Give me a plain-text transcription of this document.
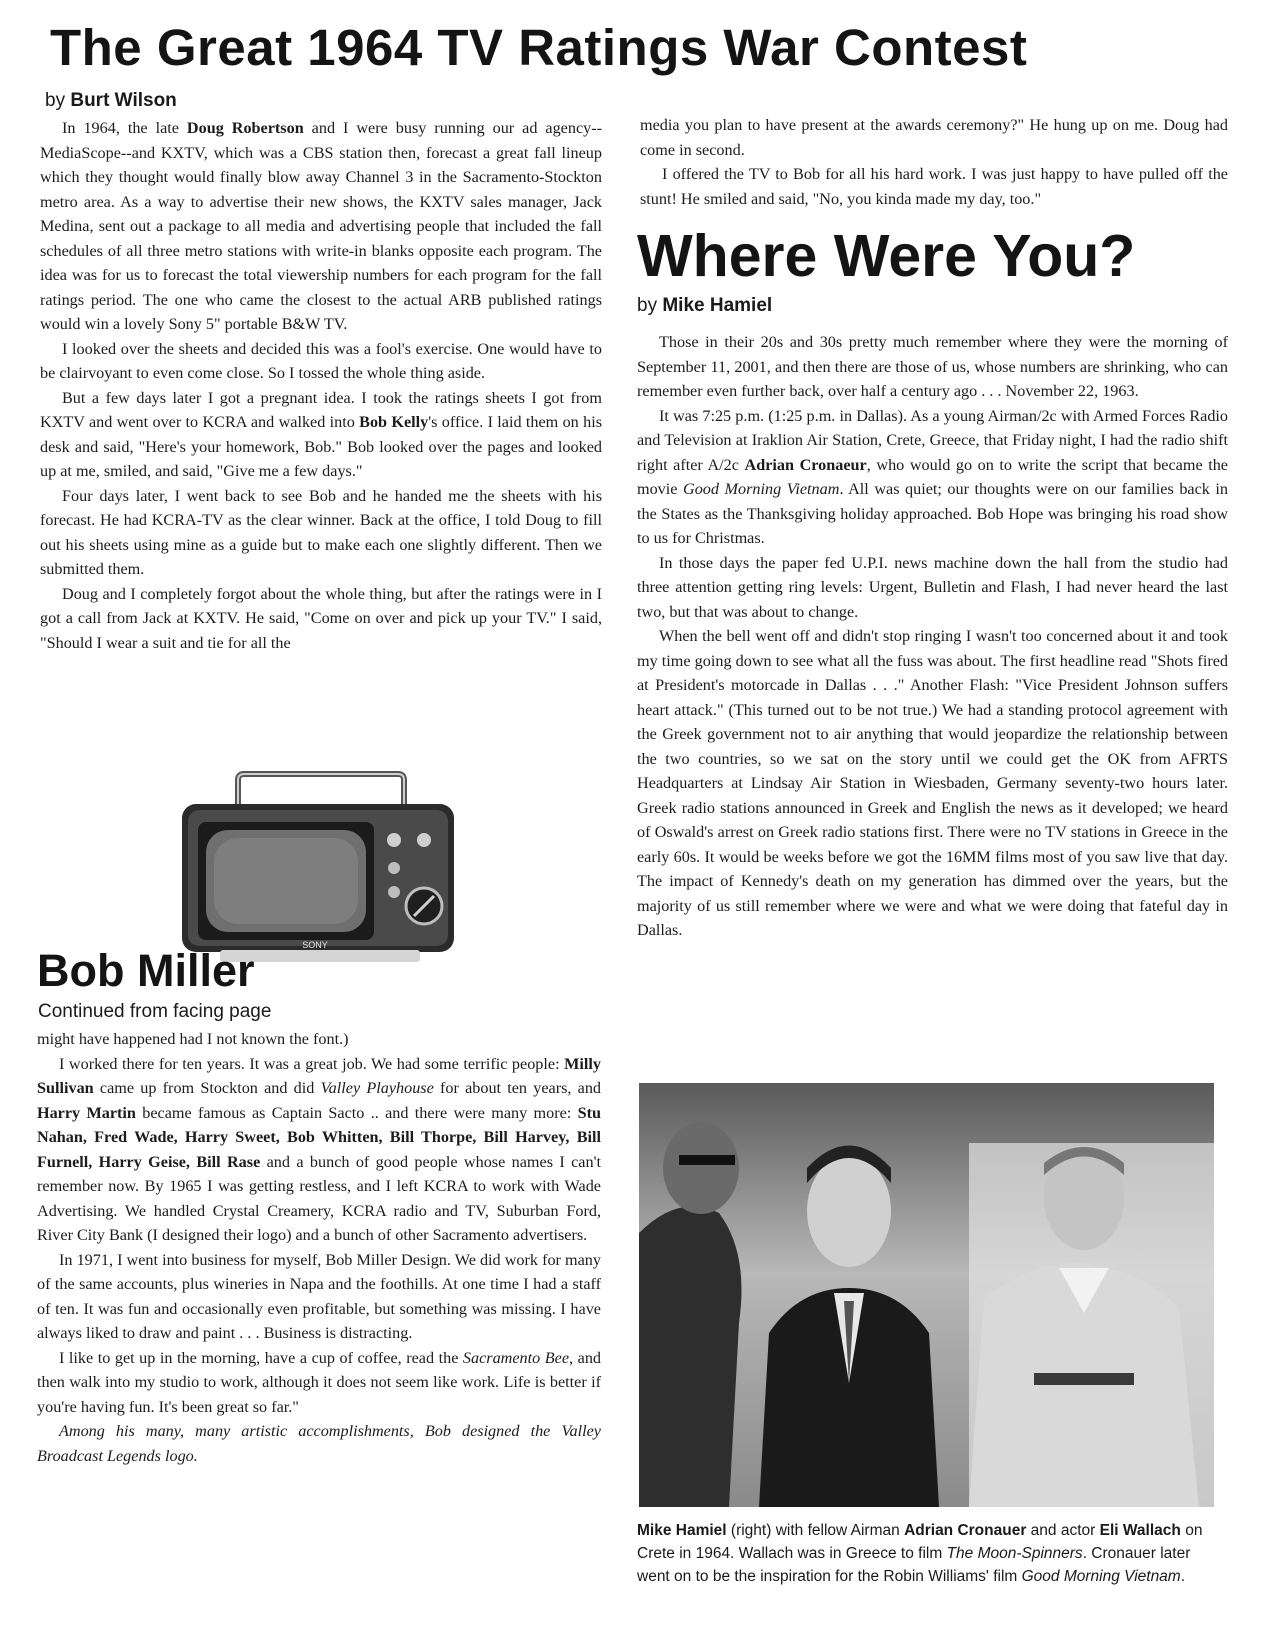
The Great 1964 TV Ratings War Contest
by Burt Wilson

In 1964, the late Doug Robertson and I were busy running our ad agency--MediaScope--and KXTV, which was a CBS station then, forecast a great fall lineup which they thought would finally blow away Channel 3 in the Sacramento-Stockton metro area. As a way to advertise their new shows, the KXTV sales manager, Jack Medina, sent out a package to all media and advertising people that included the fall schedules of all three metro stations with write-in blanks opposite each program. The idea was for us to forecast the total viewership numbers for each program for the fall ratings period. The one who came the closest to the actual ARB published ratings would win a lovely Sony 5" portable B&W TV.

I looked over the sheets and decided this was a fool's exercise. One would have to be clairvoyant to even come close. So I tossed the whole thing aside.

But a few days later I got a pregnant idea. I took the ratings sheets I got from KXTV and went over to KCRA and walked into Bob Kelly's office. I laid them on his desk and said, "Here's your homework, Bob." Bob looked over the pages and looked up at me, smiled, and said, "Give me a few days."

Four days later, I went back to see Bob and he handed me the sheets with his forecast. He had KCRA-TV as the clear winner. Back at the office, I told Doug to fill out his sheets using mine as a guide but to make each one slightly different. Then we submitted them.

Doug and I completely forgot about the whole thing, but after the ratings were in I got a call from Jack at KXTV. He said, "Come on over and pick up your TV." I said, "Should I wear a suit and tie for all the

media you plan to have present at the awards ceremony?" He hung up on me. Doug had come in second.

I offered the TV to Bob for all his hard work. I was just happy to have pulled off the stunt! He smiled and said, "No, you kinda made my day, too."

SONY
Bob Miller
Continued from facing page

might have happened had I not known the font.)

I worked there for ten years. It was a great job. We had some terrific people: Milly Sullivan came up from Stockton and did Valley Playhouse for about ten years, and Harry Martin became famous as Captain Sacto .. and there were many more: Stu Nahan, Fred Wade, Harry Sweet, Bob Whitten, Bill Thorpe, Bill Harvey, Bill Furnell, Harry Geise, Bill Rase and a bunch of good people whose names I can't remember now. By 1965 I was getting restless, and I left KCRA to work with Wade Advertising. We handled Crystal Creamery, KCRA radio and TV, Suburban Ford, River City Bank (I designed their logo) and a bunch of other Sacramento advertisers.

In 1971, I went into business for myself, Bob Miller Design. We did work for many of the same accounts, plus wineries in Napa and the foothills. At one time I had a staff of ten. It was fun and occasionally even profitable, but something was missing. I have always liked to draw and paint . . . Business is distracting.

I like to get up in the morning, have a cup of coffee, read the Sacramento Bee, and then walk into my studio to work, although it does not seem like work. Life is better if you're having fun. It's been great so far."

Among his many, many artistic accomplishments, Bob designed the Valley Broadcast Legends logo.

Where Were You?
by Mike Hamiel

Those in their 20s and 30s pretty much remember where they were the morning of September 11, 2001, and then there are those of us, whose numbers are shrinking, who can remember even further back, over half a century ago . . . November 22, 1963.

It was 7:25 p.m. (1:25 p.m. in Dallas). As a young Airman/2c with Armed Forces Radio and Television at Iraklion Air Station, Crete, Greece, that Friday night, I had the radio shift right after A/2c Adrian Cronaeur, who would go on to write the script that became the movie Good Morning Vietnam. All was quiet; our thoughts were on our families back in the States as the Thanksgiving holiday approached. Bob Hope was bringing his road show to us for Christmas.

In those days the paper fed U.P.I. news machine down the hall from the studio had three attention getting ring levels: Urgent, Bulletin and Flash, I had never heard the last two, but that was about to change.

When the bell went off and didn't stop ringing I wasn't too concerned about it and took my time going down to see what all the fuss was about. The first headline read "Shots fired at President's motorcade in Dallas . . ." Another Flash: "Vice President Johnson suffers heart attack." (This turned out to be not true.) We had a standing protocol agreement with the Greek government not to air anything that would jeopardize the relationship between the two countries, so we sat on the story until we could get the OK from AFRTS Headquarters at Lindsay Air Station in Wiesbaden, Germany seventy-two hours later. Greek radio stations announced in Greek and English the news as it developed; we heard of Oswald's arrest on Greek radio stations first. There were no TV stations in Greece in the early 60s. It would be weeks before we got the 16MM films most of you saw live that day. The impact of Kennedy's death on my generation has dimmed over the years, but the majority of us still remember where we were and what we were doing that fateful day in Dallas.

Mike Hamiel (right) with fellow Airman Adrian Cronauer and actor Eli Wallach on Crete in 1964. Wallach was in Greece to film The Moon-Spinners. Cronauer later went on to be the inspiration for the Robin Williams' film Good Morning Vietnam.
